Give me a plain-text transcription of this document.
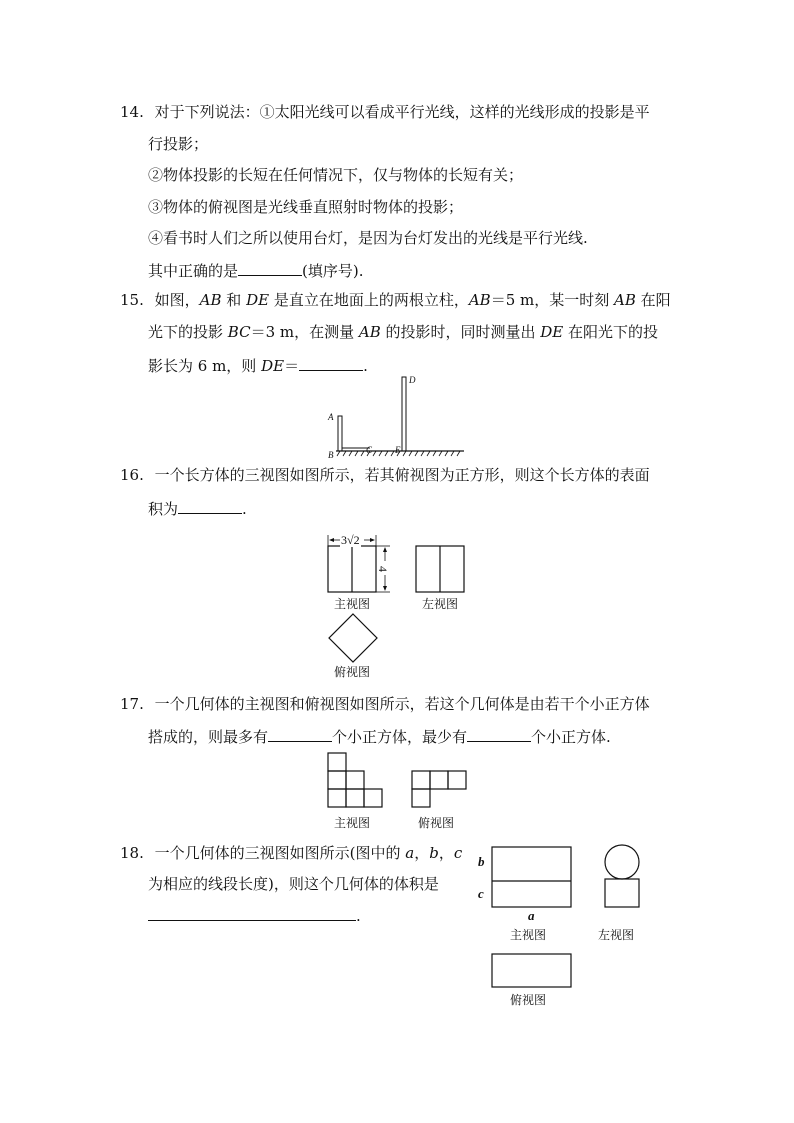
14. 对于下列说法：①太阳光线可以看成平行光线，这样的光线形成的投影是平
行投影；
②物体投影的长短在任何情况下，仅与物体的长短有关；
③物体的俯视图是光线垂直照射时物体的投影；
④看书时人们之所以使用台灯，是因为台灯发出的光线是平行光线.
其中正确的是	(填序号).
15. 如图，AB 和 DE 是直立在地面上的两根立柱，AB＝5 m，某一时刻 AB 在阳
光下的投影 BC＝3 m，在测量 AB 的投影时，同时测量出 DE 在阳光下的投
影长为 6 m，则 DE＝	.
A
B	C
D
E
16. 一个长方体的三视图如图所示，若其俯视图为正方形，则这个长方体的表面
积为	.
3√2
4
主视图	左视图
俯视图
17. 一个几何体的主视图和俯视图如图所示，若这个几何体是由若干个小正方体
搭成的，则最多有	个小正方体，最少有	个小正方体.
主视图	俯视图
18. 一个几何体的三视图如图所示(图中的 a，b，c
为相应的线段长度)，则这个几何体的体积是
.
b
c
a
主视图	左视图
俯视图
